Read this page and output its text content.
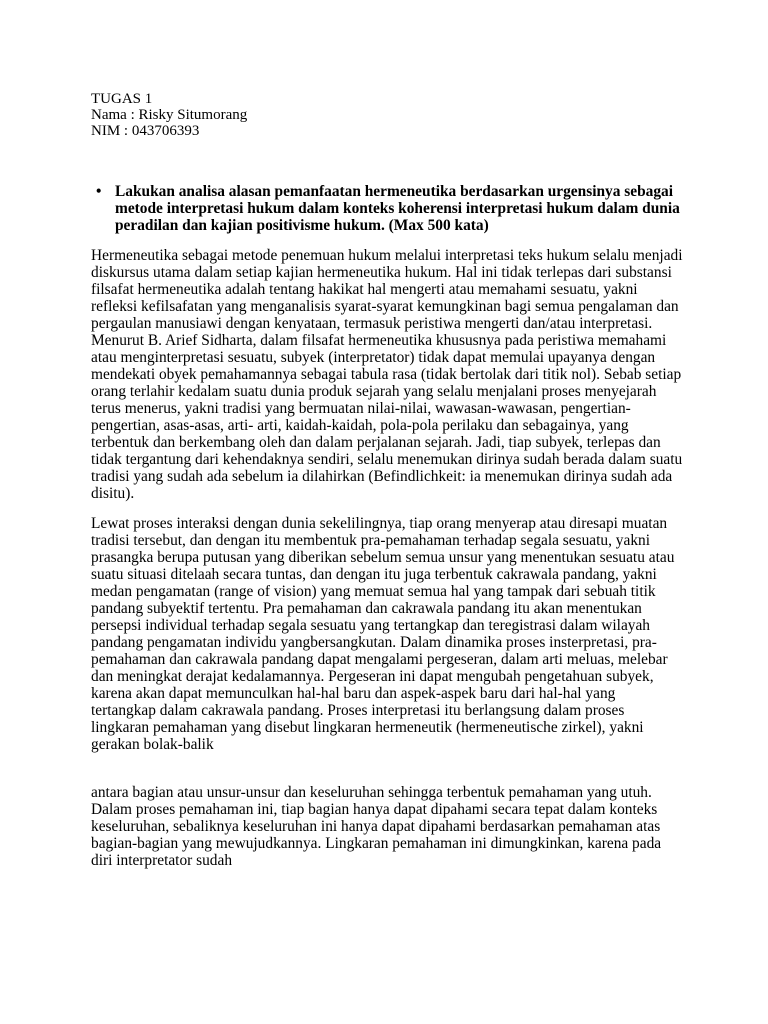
TUGAS 1

Nama : Risky Situmorang

NIM : 043706393

• Lakukan analisa alasan pemanfaatan hermeneutika berdasarkan urgensinya sebagai metode interpretasi hukum dalam konteks koherensi interpretasi hukum dalam dunia peradilan dan kajian positivisme hukum. (Max 500 kata)

Hermeneutika sebagai metode penemuan hukum melalui interpretasi teks hukum selalu menjadi diskursus utama dalam setiap kajian hermeneutika hukum. Hal ini tidak terlepas dari substansi filsafat hermeneutika adalah tentang hakikat hal mengerti atau memahami sesuatu, yakni refleksi kefilsafatan yang menganalisis syarat-syarat kemungkinan bagi semua pengalaman dan pergaulan manusiawi dengan kenyataan, termasuk peristiwa mengerti dan/atau interpretasi. Menurut B. Arief Sidharta, dalam filsafat hermeneutika khususnya pada peristiwa memahami atau menginterpretasi sesuatu, subyek (interpretator) tidak dapat memulai upayanya dengan mendekati obyek pemahamannya sebagai tabula rasa (tidak bertolak dari titik nol). Sebab setiap orang terlahir kedalam suatu dunia produk sejarah yang selalu menjalani proses menyejarah terus menerus, yakni tradisi yang bermuatan nilai-nilai, wawasan-wawasan, pengertian-pengertian, asas-asas, arti- arti, kaidah-kaidah, pola-pola perilaku dan sebagainya, yang terbentuk dan berkembang oleh dan dalam perjalanan sejarah. Jadi, tiap subyek, terlepas dan tidak tergantung dari kehendaknya sendiri, selalu menemukan dirinya sudah berada dalam suatu tradisi yang sudah ada sebelum ia dilahirkan (Befindlichkeit: ia menemukan dirinya sudah ada disitu).

Lewat proses interaksi dengan dunia sekelilingnya, tiap orang menyerap atau diresapi muatan tradisi tersebut, dan dengan itu membentuk pra-pemahaman terhadap segala sesuatu, yakni prasangka berupa putusan yang diberikan sebelum semua unsur yang menentukan sesuatu atau suatu situasi ditelaah secara tuntas, dan dengan itu juga terbentuk cakrawala pandang, yakni medan pengamatan (range of vision) yang memuat semua hal yang tampak dari sebuah titik pandang subyektif tertentu. Pra pemahaman dan cakrawala pandang itu akan menentukan persepsi individual terhadap segala sesuatu yang tertangkap dan teregistrasi dalam wilayah pandang pengamatan individu yangbersangkutan. Dalam dinamika proses insterpretasi, pra-pemahaman dan cakrawala pandang dapat mengalami pergeseran, dalam arti meluas, melebar dan meningkat derajat kedalamannya. Pergeseran ini dapat mengubah pengetahuan subyek, karena akan dapat memunculkan hal-hal baru dan aspek-aspek baru dari hal-hal yang tertangkap dalam cakrawala pandang. Proses interpretasi itu berlangsung dalam proses lingkaran pemahaman yang disebut lingkaran hermeneutik (hermeneutische zirkel), yakni gerakan bolak-balik

antara bagian atau unsur-unsur dan keseluruhan sehingga terbentuk pemahaman yang utuh. Dalam proses pemahaman ini, tiap bagian hanya dapat dipahami secara tepat dalam konteks keseluruhan, sebaliknya keseluruhan ini hanya dapat dipahami berdasarkan pemahaman atas bagian-bagian yang mewujudkannya. Lingkaran pemahaman ini dimungkinkan, karena pada diri interpretator sudah
